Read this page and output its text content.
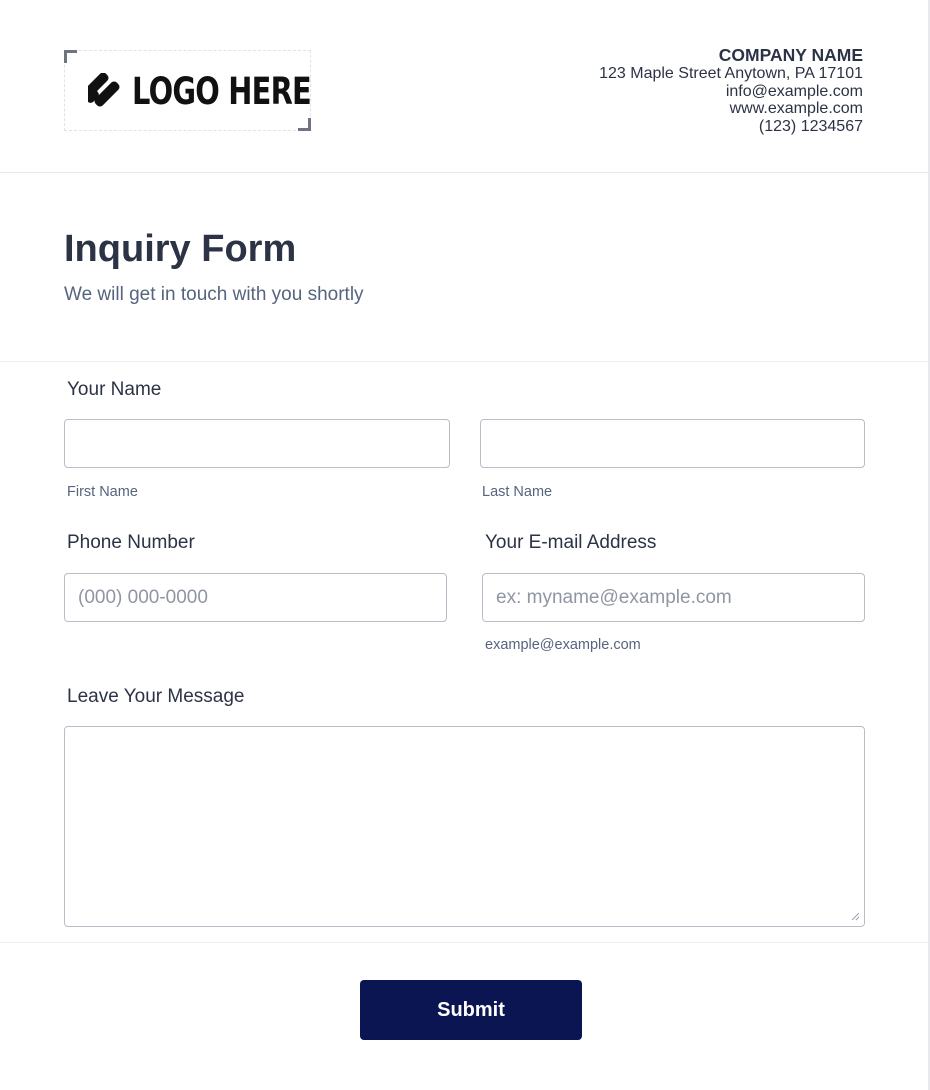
LOGO HERE
COMPANY NAME
123 Maple Street Anytown, PA 17101
info@example.com
www.example.com
(123) 1234567
Inquiry Form
We will get in touch with you shortly
Your Name
First Name	Last Name
Phone Number	Your E-mail Address
(000) 000-0000
ex: myname@example.com
example@example.com
Leave Your Message
Submit
